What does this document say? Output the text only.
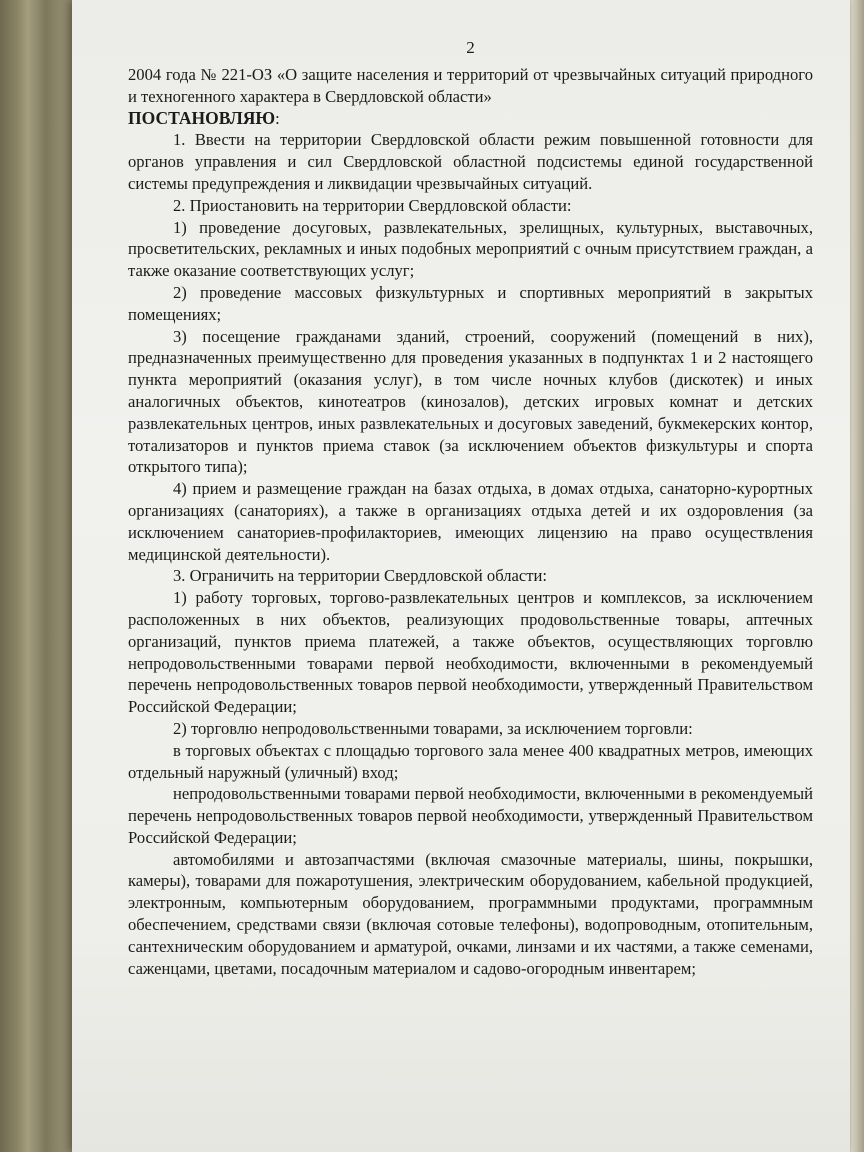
2

2004 года № 221-ОЗ «О защите населения и территорий от чрезвычайных ситуаций природного и техногенного характера в Свердловской области»

ПОСТАНОВЛЯЮ:

1. Ввести на территории Свердловской области режим повышенной готовности для органов управления и сил Свердловской областной подсистемы единой государственной системы предупреждения и ликвидации чрезвычайных ситуаций.

2. Приостановить на территории Свердловской области:

1) проведение досуговых, развлекательных, зрелищных, культурных, выставочных, просветительских, рекламных и иных подобных мероприятий с очным присутствием граждан, а также оказание соответствующих услуг;

2) проведение массовых физкультурных и спортивных мероприятий в закрытых помещениях;

3) посещение гражданами зданий, строений, сооружений (помещений в них), предназначенных преимущественно для проведения указанных в подпунктах 1 и 2 настоящего пункта мероприятий (оказания услуг), в том числе ночных клубов (дискотек) и иных аналогичных объектов, кинотеатров (кинозалов), детских игровых комнат и детских развлекательных центров, иных развлекательных и досуговых заведений, букмекерских контор, тотализаторов и пунктов приема ставок (за исключением объектов физкультуры и спорта открытого типа);

4) прием и размещение граждан на базах отдыха, в домах отдыха, санаторно-курортных организациях (санаториях), а также в организациях отдыха детей и их оздоровления (за исключением санаториев-профилакториев, имеющих лицензию на право осуществления медицинской деятельности).

3. Ограничить на территории Свердловской области:

1) работу торговых, торгово-развлекательных центров и комплексов, за исключением расположенных в них объектов, реализующих продовольственные товары, аптечных организаций, пунктов приема платежей, а также объектов, осуществляющих торговлю непродовольственными товарами первой необходимости, включенными в рекомендуемый перечень непродовольственных товаров первой необходимости, утвержденный Правительством Российской Федерации;

2) торговлю непродовольственными товарами, за исключением торговли:

в торговых объектах с площадью торгового зала менее 400 квадратных метров, имеющих отдельный наружный (уличный) вход;

непродовольственными товарами первой необходимости, включенными в рекомендуемый перечень непродовольственных товаров первой необходимости, утвержденный Правительством Российской Федерации;

автомобилями и автозапчастями (включая смазочные материалы, шины, покрышки, камеры), товарами для пожаротушения, электрическим оборудованием, кабельной продукцией, электронным, компьютерным оборудованием, программными продуктами, программным обеспечением, средствами связи (включая сотовые телефоны), водопроводным, отопительным, сантехническим оборудованием и арматурой, очками, линзами и их частями, а также семенами, саженцами, цветами, посадочным материалом и садово-огородным инвентарем;
